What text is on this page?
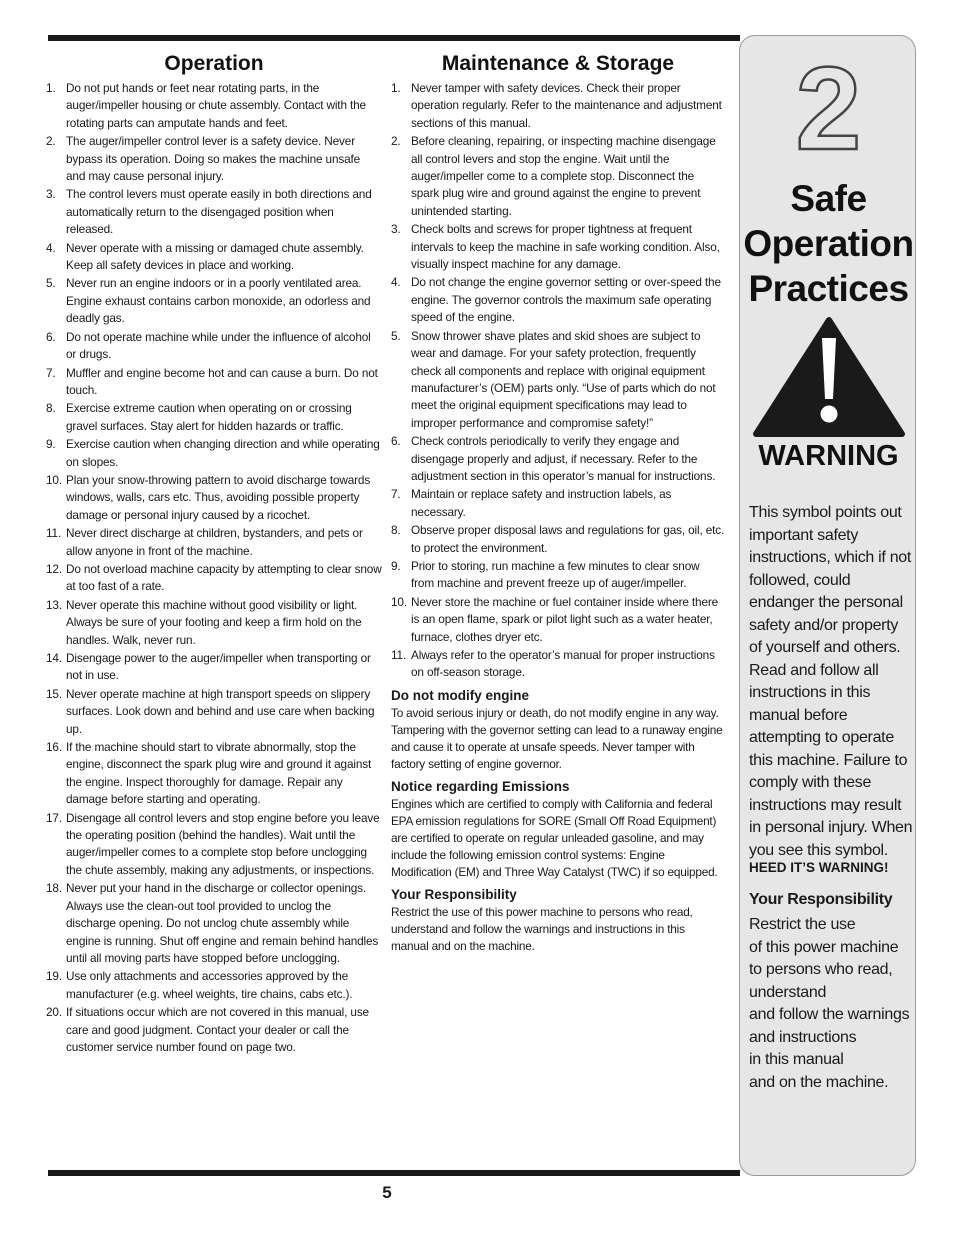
Operation
1. Do not put hands or feet near rotating parts, in the auger/impeller housing or chute assembly. Contact with the rotating parts can amputate hands and feet.
2. The auger/impeller control lever is a safety device. Never bypass its operation. Doing so makes the machine unsafe and may cause personal injury.
3. The control levers must operate easily in both directions and automatically return to the disengaged position when released.
4. Never operate with a missing or damaged chute assembly. Keep all safety devices in place and working.
5. Never run an engine indoors or in a poorly ventilated area. Engine exhaust contains carbon monoxide, an odorless and deadly gas.
6. Do not operate machine while under the influence of alcohol or drugs.
7. Muffler and engine become hot and can cause a burn. Do not touch.
8. Exercise extreme caution when operating on or crossing gravel surfaces. Stay alert for hidden hazards or traffic.
9. Exercise caution when changing direction and while operating on slopes.
10. Plan your snow-throwing pattern to avoid discharge towards windows, walls, cars etc. Thus, avoiding possible property damage or personal injury caused by a ricochet.
11. Never direct discharge at children, bystanders, and pets or allow anyone in front of the machine.
12. Do not overload machine capacity by attempting to clear snow at too fast of a rate.
13. Never operate this machine without good visibility or light. Always be sure of your footing and keep a firm hold on the handles. Walk, never run.
14. Disengage power to the auger/impeller when transporting or not in use.
15. Never operate machine at high transport speeds on slippery surfaces. Look down and behind and use care when backing up.
16. If the machine should start to vibrate abnormally, stop the engine, disconnect the spark plug wire and ground it against the engine. Inspect thoroughly for damage. Repair any damage before starting and operating.
17. Disengage all control levers and stop engine before you leave the operating position (behind the handles). Wait until the auger/impeller comes to a complete stop before unclogging the chute assembly, making any adjustments, or inspections.
18. Never put your hand in the discharge or collector openings. Always use the clean-out tool provided to unclog the discharge opening. Do not unclog chute assembly while engine is running. Shut off engine and remain behind handles until all moving parts have stopped before unclogging.
19. Use only attachments and accessories approved by the manufacturer (e.g. wheel weights, tire chains, cabs etc.).
20. If situations occur which are not covered in this manual, use care and good judgment. Contact your dealer or call the customer service number found on page two.
Maintenance & Storage
1. Never tamper with safety devices. Check their proper operation regularly. Refer to the maintenance and adjustment sections of this manual.
2. Before cleaning, repairing, or inspecting machine disengage all control levers and stop the engine. Wait until the auger/impeller come to a complete stop. Disconnect the spark plug wire and ground against the engine to prevent unintended starting.
3. Check bolts and screws for proper tightness at frequent intervals to keep the machine in safe working condition. Also, visually inspect machine for any damage.
4. Do not change the engine governor setting or over-speed the engine. The governor controls the maximum safe operating speed of the engine.
5. Snow thrower shave plates and skid shoes are subject to wear and damage. For your safety protection, frequently check all components and replace with original equipment manufacturer’s (OEM) parts only. “Use of parts which do not meet the original equipment specifications may lead to improper performance and compromise safety!”
6. Check controls periodically to verify they engage and disengage properly and adjust, if necessary. Refer to the adjustment section in this operator’s manual for instructions.
7. Maintain or replace safety and instruction labels, as necessary.
8. Observe proper disposal laws and regulations for gas, oil, etc. to protect the environment.
9. Prior to storing, run machine a few minutes to clear snow from machine and prevent freeze up of auger/impeller.
10. Never store the machine or fuel container inside where there is an open flame, spark or pilot light such as a water heater, furnace, clothes dryer etc.
11. Always refer to the operator’s manual for proper instructions on off-season storage.
Do not modify engine

To avoid serious injury or death, do not modify engine in any way. Tampering with the governor setting can lead to a runaway engine and cause it to operate at unsafe speeds. Never tamper with factory setting of engine governor.

Notice regarding Emissions

Engines which are certified to comply with California and federal EPA emission regulations for SORE (Small Off Road Equipment) are certified to operate on regular unleaded gasoline, and may include the following emission control systems: Engine Modification (EM) and Three Way Catalyst (TWC) if so equipped.

Your Responsibility

Restrict the use of this power machine to persons who read, understand and follow the warnings and instructions in this manual and on the machine.

2
Safe
Operation
Practices
WARNING
This symbol points out important safety instructions, which if not followed, could endanger the personal safety and/or property of yourself and others. Read and follow all instructions in this manual before attempting to operate this machine. Failure to comply with these instructions may result in personal injury. When you see this symbol.
HEED IT’S WARNING!
Your Responsibility
Restrict the use
of this power machine
to persons who read,
understand
and follow the warnings
and instructions
in this manual
and on the machine.
5
